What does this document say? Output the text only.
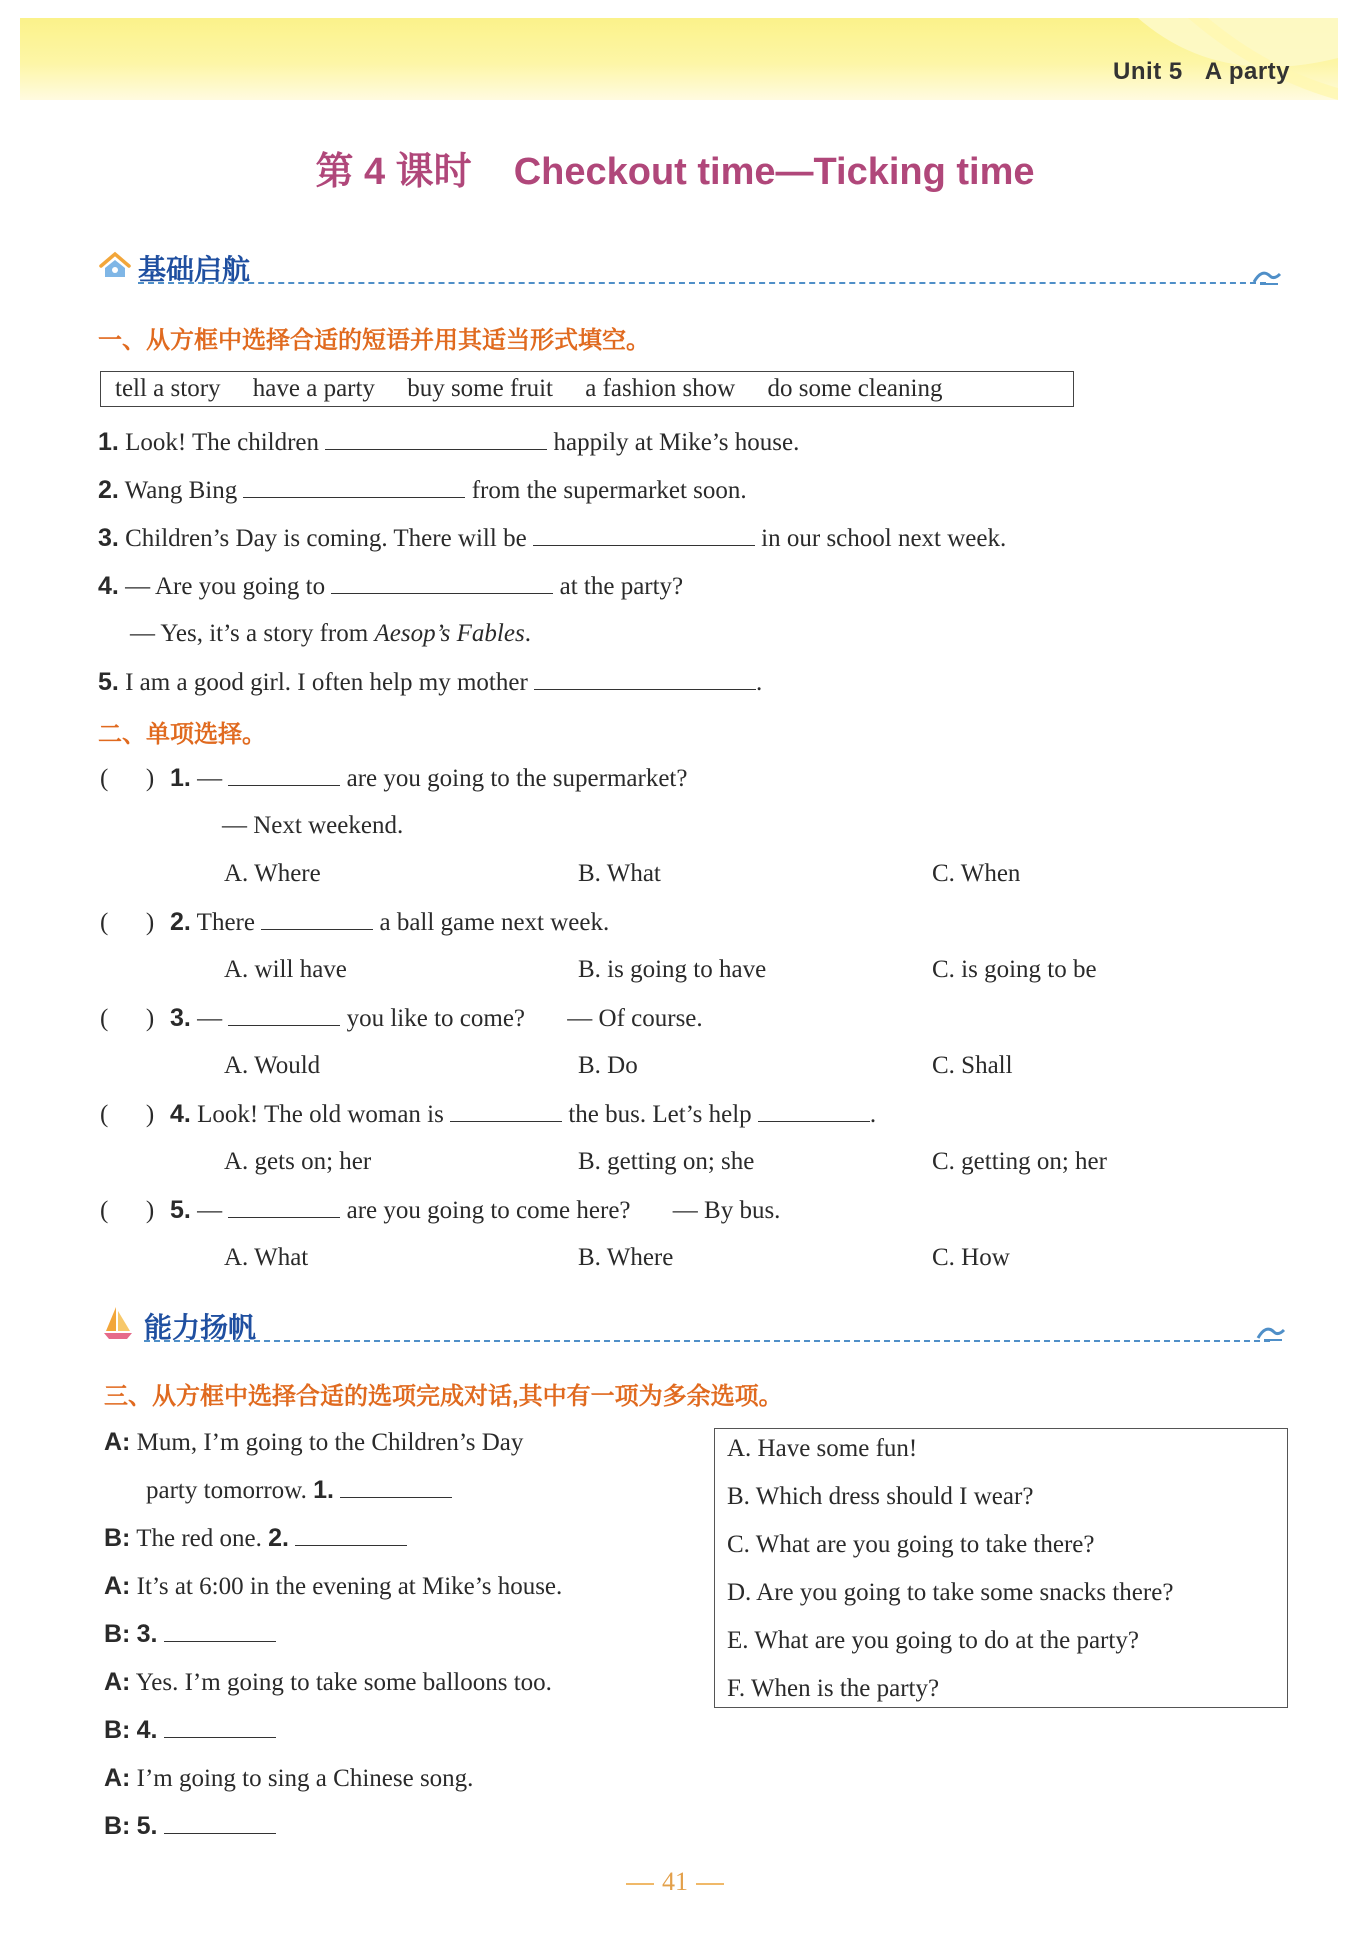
Unit 5 A party
第 4 课时 Checkout time—Ticking time
基础启航
一、从方框中选择合适的短语并用其适当形式填空。
tell a story have a party buy some fruit a fashion show do some cleaning
1. Look! The children	happily at Mike’s house.
2. Wang Bing	from the supermarket soon.
3. Children’s Day is coming. There will be	in our school next week.
4. — Are you going to	at the party?
— Yes, it’s a story from Aesop’s Fables.
5. I am a good girl. I often help my mother	.
二、单项选择。
(      ) 1. —	are you going to the supermarket?
— Next weekend.
A. Where	B. What	C. When
(      ) 2. There	a ball game next week.
A. will have	B. is going to have	C. is going to be
(      ) 3. —	you like to come? — Of course.
A. Would	B. Do	C. Shall
(      ) 4. Look! The old woman is	the bus. Let’s help	.
A. gets on; her	B. getting on; she	C. getting on; her
(      ) 5. —	are you going to come here? — By bus.
A. What	B. Where	C. How
能力扬帆
三、从方框中选择合适的选项完成对话,其中有一项为多余选项。
A: Mum, I’m going to the Children’s Day
party tomorrow. 1.
B: The red one. 2.
A: It’s at 6:00 in the evening at Mike’s house.
B: 3.
A: Yes. I’m going to take some balloons too.
B: 4.
A: I’m going to sing a Chinese song.
B: 5.
A. Have some fun!
B. Which dress should I wear?
C. What are you going to take there?
D. Are you going to take some snacks there?
E. What are you going to do at the party?
F. When is the party?
41
